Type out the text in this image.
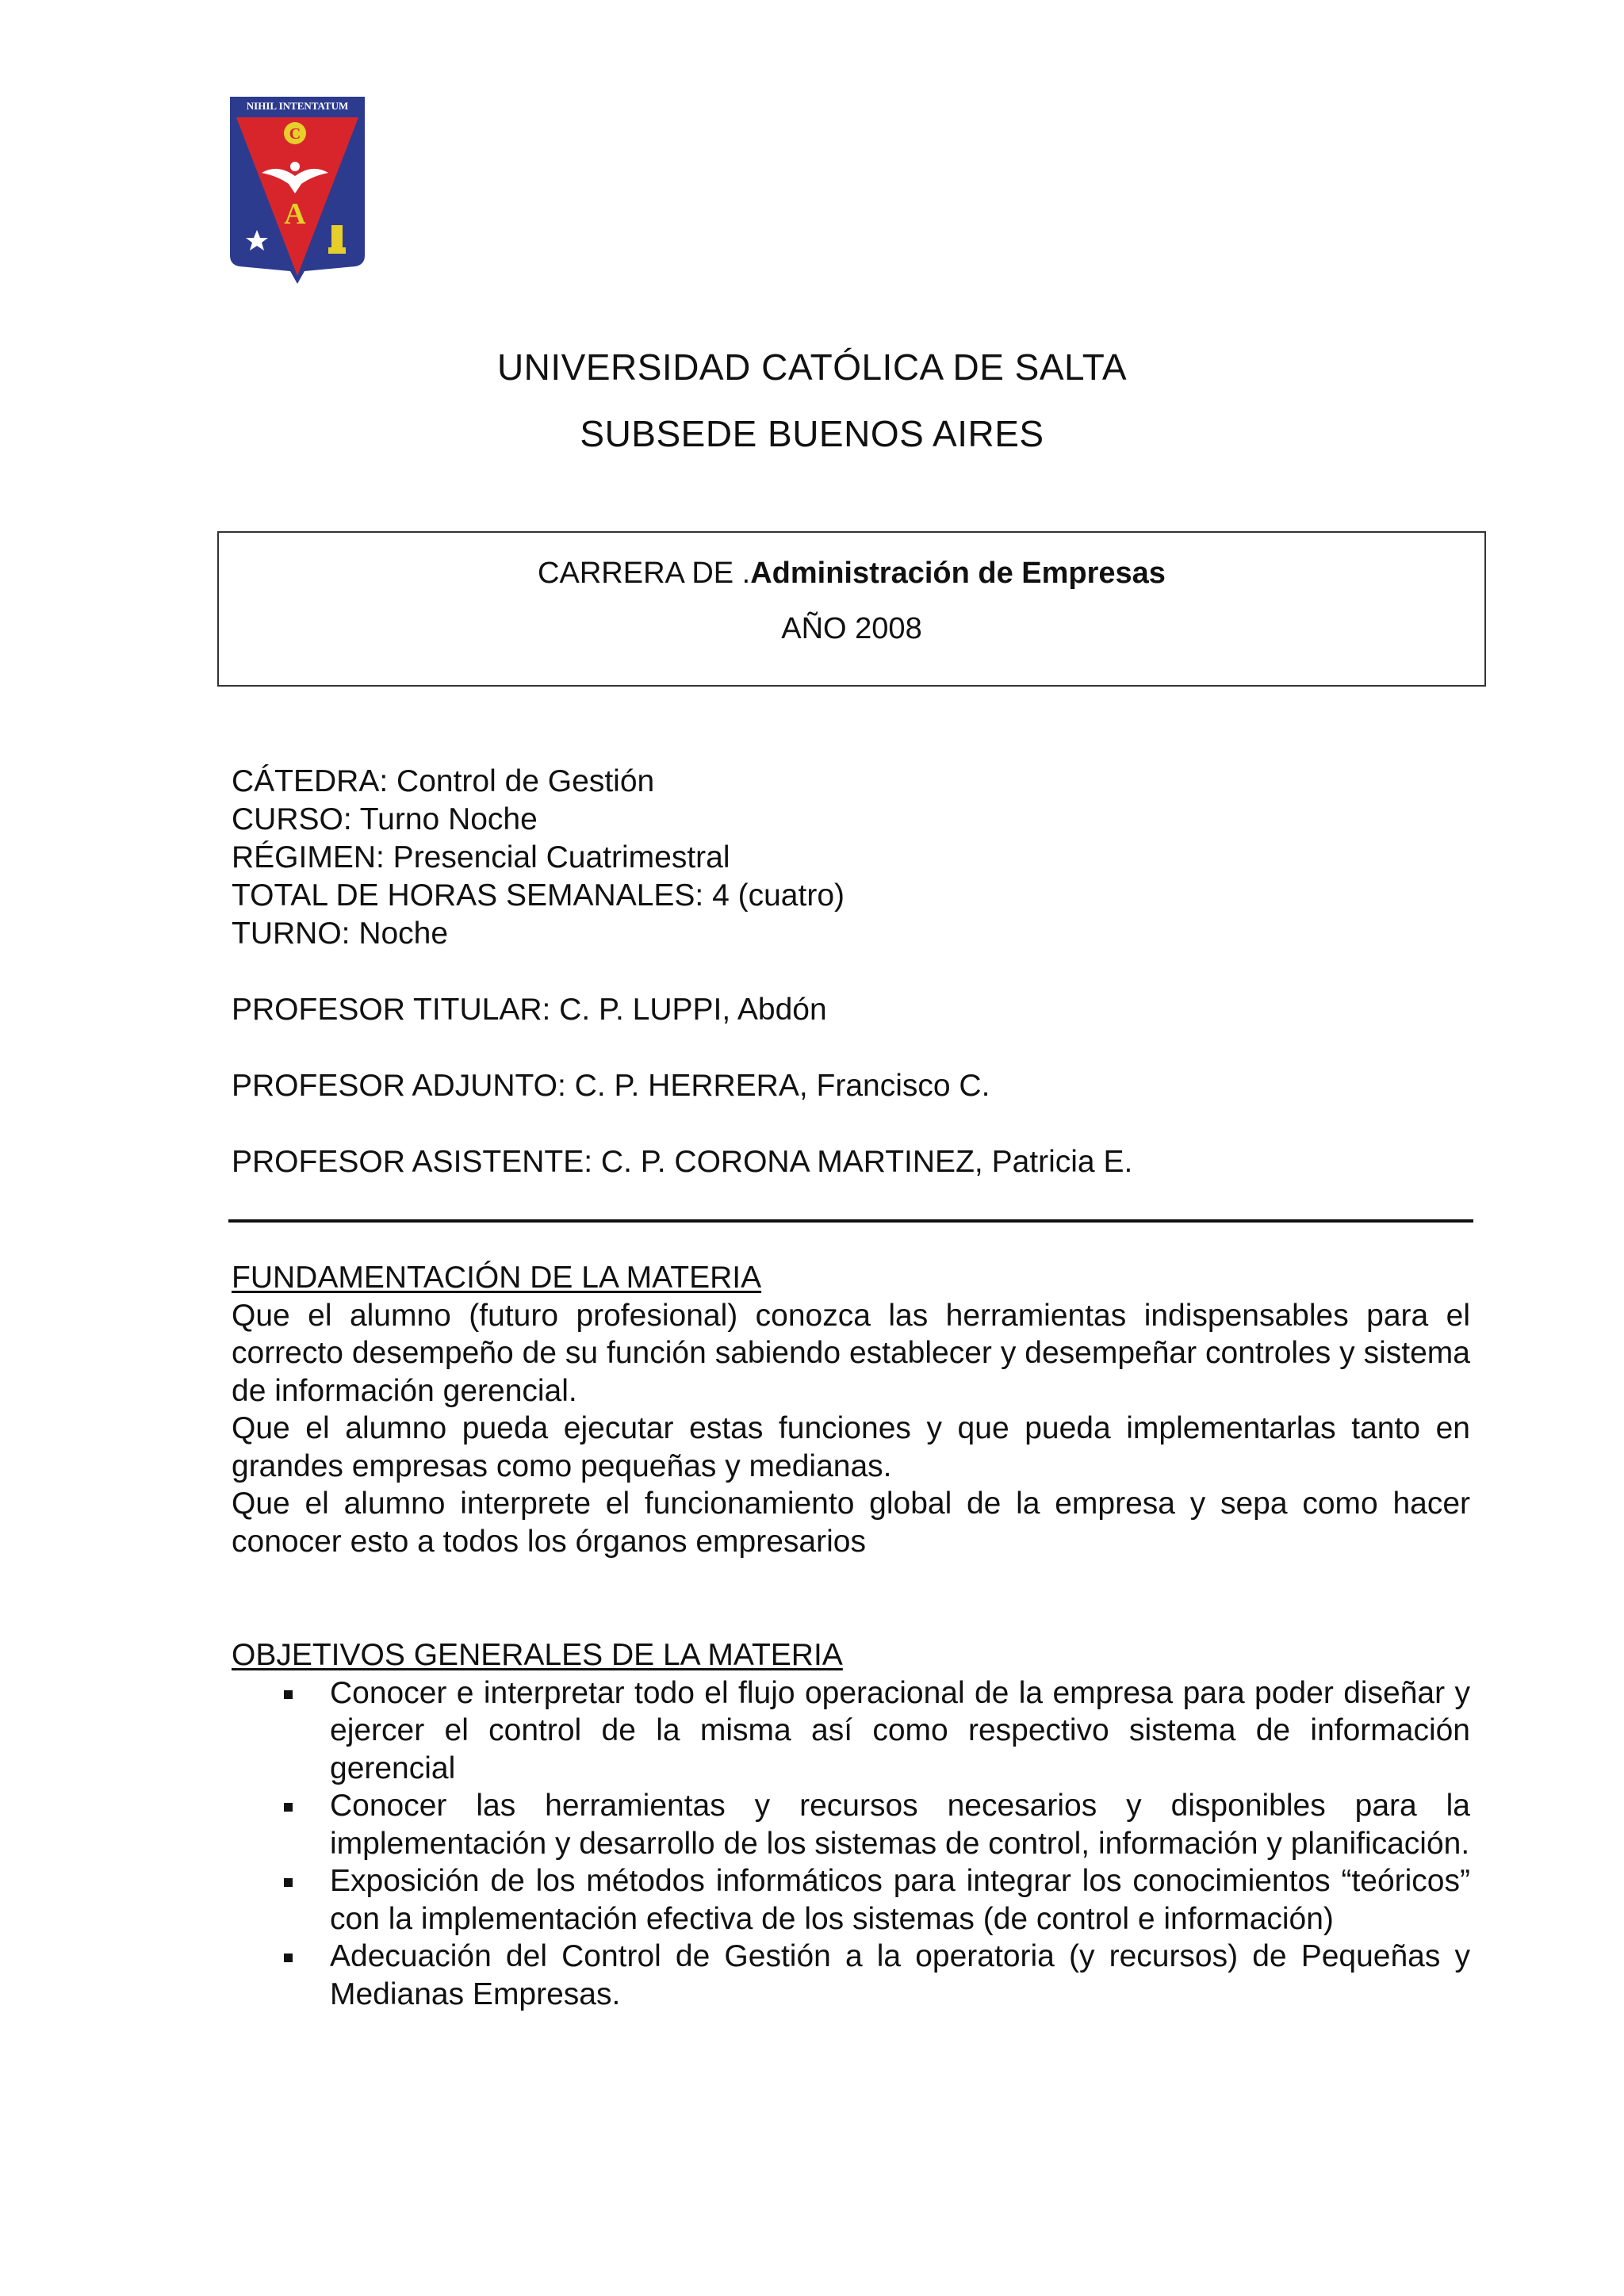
NIHIL INTENTATUM
C
A
UNIVERSIDAD CATÓLICA DE SALTA
SUBSEDE BUENOS AIRES
CARRERA DE .Administración de Empresas
AÑO 2008
CÁTEDRA: Control de Gestión
CURSO: Turno Noche
RÉGIMEN: Presencial Cuatrimestral
TOTAL DE HORAS SEMANALES: 4 (cuatro)
TURNO: Noche
PROFESOR TITULAR: C. P. LUPPI, Abdón
PROFESOR ADJUNTO: C. P. HERRERA, Francisco C.
PROFESOR ASISTENTE: C. P. CORONA MARTINEZ, Patricia E.
FUNDAMENTACIÓN DE LA MATERIA

Que el alumno (futuro profesional) conozca las herramientas indispensables para el correcto desempeño de su función sabiendo establecer y desempeñar controles y sistema de información gerencial.

Que el alumno pueda ejecutar estas funciones y que pueda implementarlas tanto en grandes empresas como pequeñas y medianas.

Que el alumno interprete el funcionamiento global de la empresa y sepa como hacer conocer esto a todos los órganos empresarios

OBJETIVOS GENERALES DE LA MATERIA
Conocer e interpretar todo el flujo operacional de la empresa para poder diseñar y ejercer el control de la misma así como respectivo sistema de información gerencial
Conocer las herramientas y recursos necesarios y disponibles para la implementación y desarrollo de los sistemas de control, información y planificación.
Exposición de los métodos informáticos para integrar los conocimientos “teóricos” con la implementación efectiva de los sistemas (de control e información)
Adecuación del Control de Gestión a la operatoria (y recursos) de Pequeñas y Medianas Empresas.
